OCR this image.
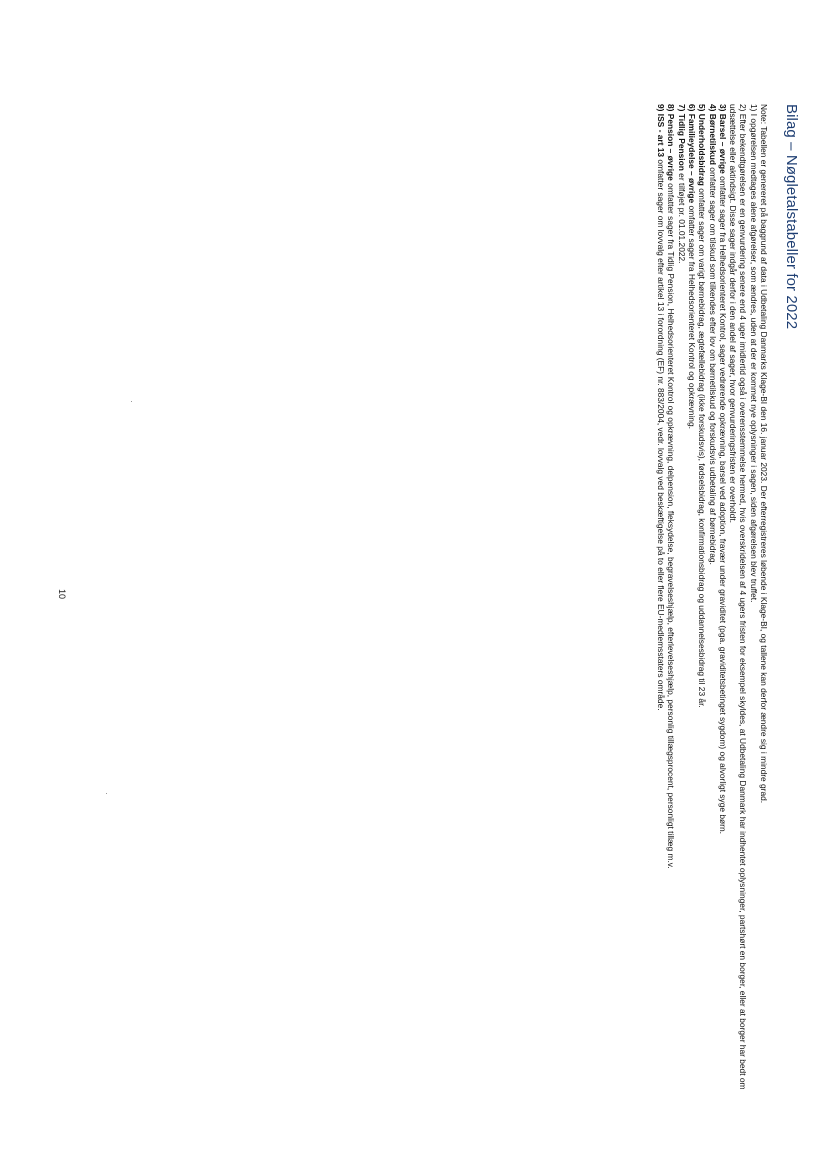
Bilag – Nøgletalstabeller for 2022
Note: Tabellen er genereret på baggrund af data i Udbetaling Danmarks Klage-BI den 16. januar 2023. Der efterregistreres løbende i Klage-BI, og tallene kan derfor ændre sig i mindre grad.
1) I opgørelsen medtages alene afgørelser, som ændres, uden at der er kommet nye oplysninger i sagen, siden afgørelsen blev truffet.
2) Efter bekendtgørelsen er en genvurdering senere end 4 uger imidlertid også i overensstemmelse hermed, hvis overskridelsen af 4 ugers fristen for eksempel skyldes, at Udbetaling Danmark har indhentet oplysninger, partshørt en borger, eller at borger har bedt om udsættelse eller aktindsigt. Disse sager indgår derfor i den andel af sager, hvor genvurderingsfristen er overholdt.
3) Barsel – øvrige omfatter sager fra Helhedsorienteret Kontrol, sager vedrørende opkrævning, barsel ved adoption, fravær under graviditet (pga. graviditetsbetinget sygdom) og alvorligt syge børn.
4) Børnetilskud omfatter sager om tilskud som tilkendes efter lov om børnetilskud og forskudsvis udbetaling af børnebidrag.
5) Underholdsbidrag omfatter sager om varigt børnebidrag, ægtefællebidrag (ikke forskudsvis), fødselsbidrag, konfirmationsbidrag og uddannelsesbidrag til 23 år.
6) Familieydelse – øvrige omfatter sager fra Helhedsorienteret Kontrol og opkrævning.
7) Tidlig Pension er tilføjet pr. 01.01.2022.
8) Pension – øvrige omfatter sager fra Tidlig Pension, Helhedsorienteret Kontrol og opkrævning, delpension, fleksydelse, begravelseshjælp, efterlevelseshjælp, personlig tillægsprocent, personligt tillæg m.v.
9) ISS - art 13 omfatter sager om lovvalg efter artikel 13 i forordning (EF) nr. 883/2004, vedr. lovvalg ved beskæftigelse på to eller flere EU-medlemsstaters område.
10
